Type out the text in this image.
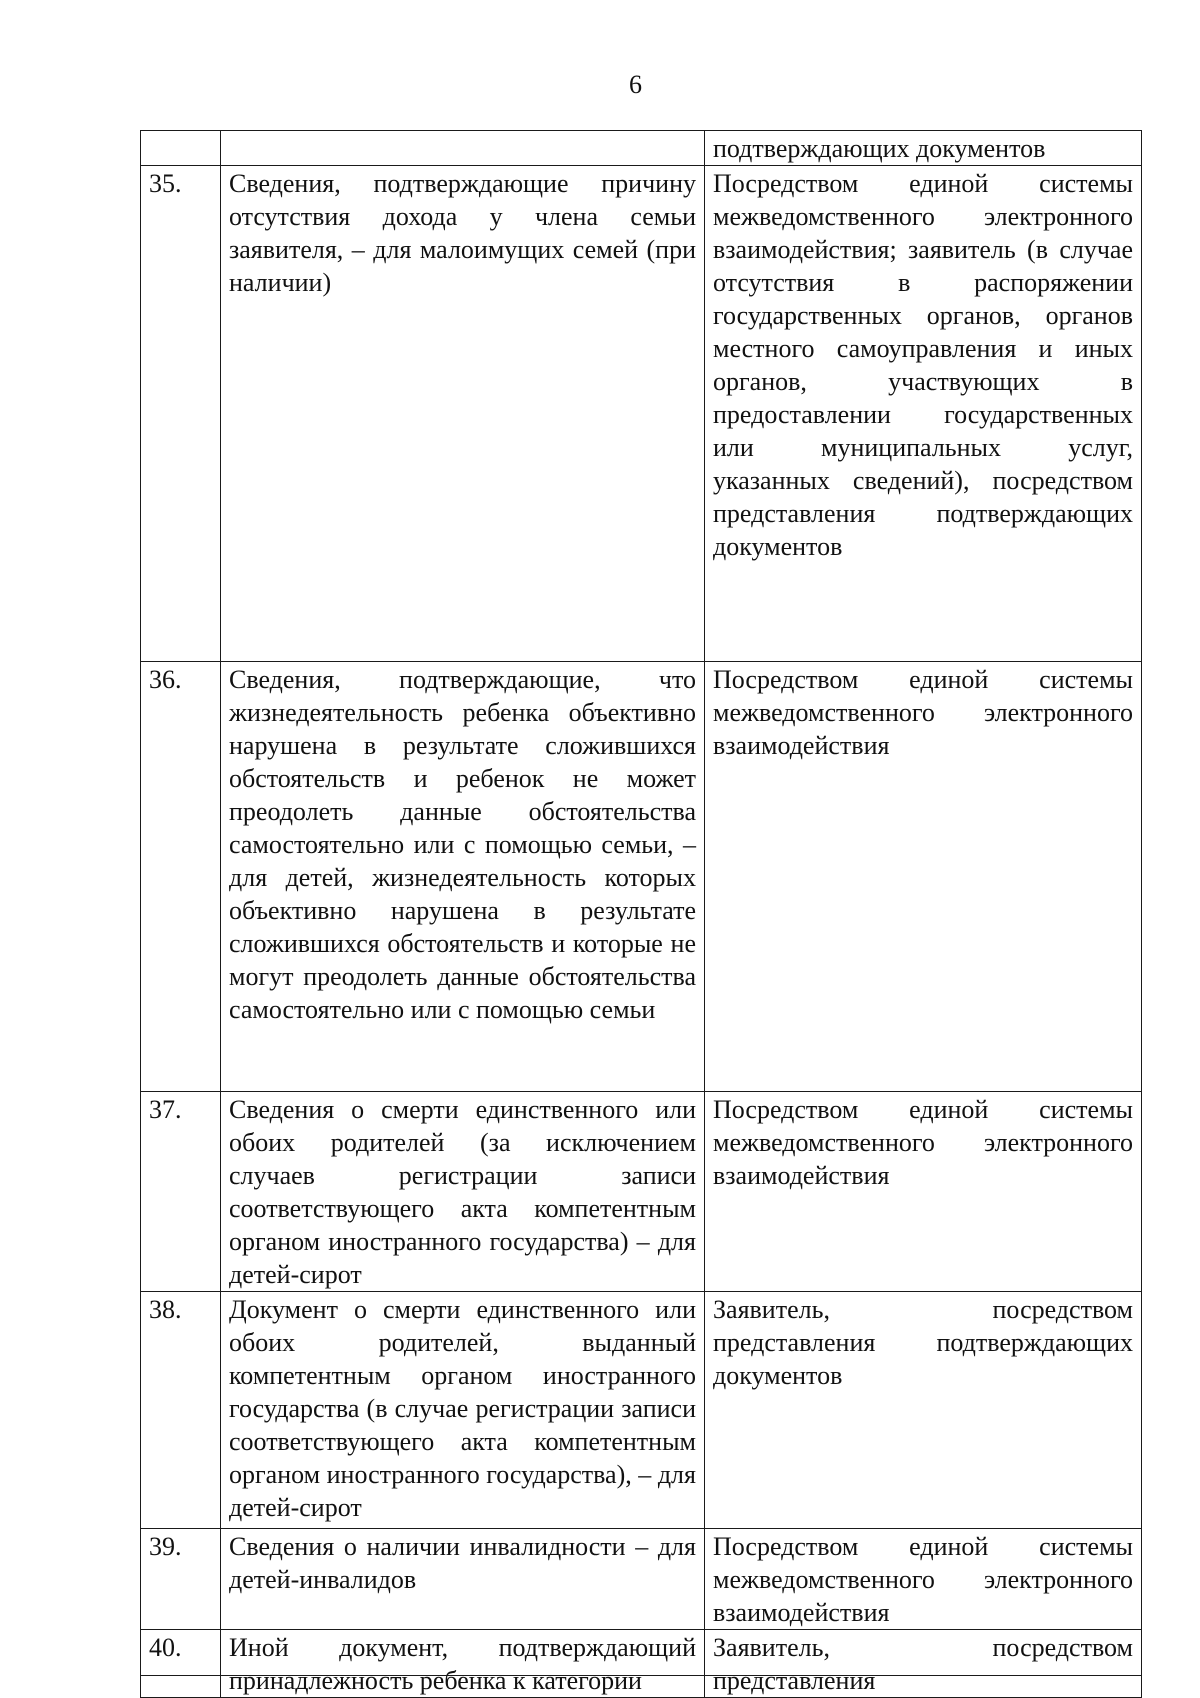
6
		подтверждающих документов
35.	Сведения, подтверждающие причину отсутствия дохода у члена семьи заявителя, – для малоимущих семей (при наличии)	Посредством единой системы межведомственного электронного взаимодействия; заявитель (в случае отсутствия в распоряжении государственных органов, органов местного самоуправления и иных органов, участвующих в предоставлении государственных или муниципальных услуг, указанных сведений), посредством представления подтверждающих документов
36.	Сведения, подтверждающие, что жизнедеятельность ребенка объективно нарушена в результате сложившихся обстоятельств и ребенок не может преодолеть данные обстоятельства самостоятельно или с помощью семьи, – для детей, жизнедеятельность которых объективно нарушена в результате сложившихся обстоятельств и которые не могут преодолеть данные обстоятельства самостоятельно или с помощью семьи	Посредством единой системы межведомственного электронного взаимодействия
37.	Сведения о смерти единственного или обоих родителей (за исключением случаев регистрации записи соответствующего акта компетентным органом иностранного государства) – для детей-сирот	Посредством единой системы межведомственного электронного взаимодействия
38.	Документ о смерти единственного или обоих родителей, выданный компетентным органом иностранного государства (в случае регистрации записи соответствующего акта компетентным органом иностранного государства), – для детей-сирот	Заявитель, посредством представления подтверждающих документов
39.	Сведения о наличии инвалидности – для детей-инвалидов	Посредством единой системы межведомственного электронного взаимодействия
40.	Иной документ, подтверждающий принадлежность ребенка к категории	Заявитель, посредством представления
